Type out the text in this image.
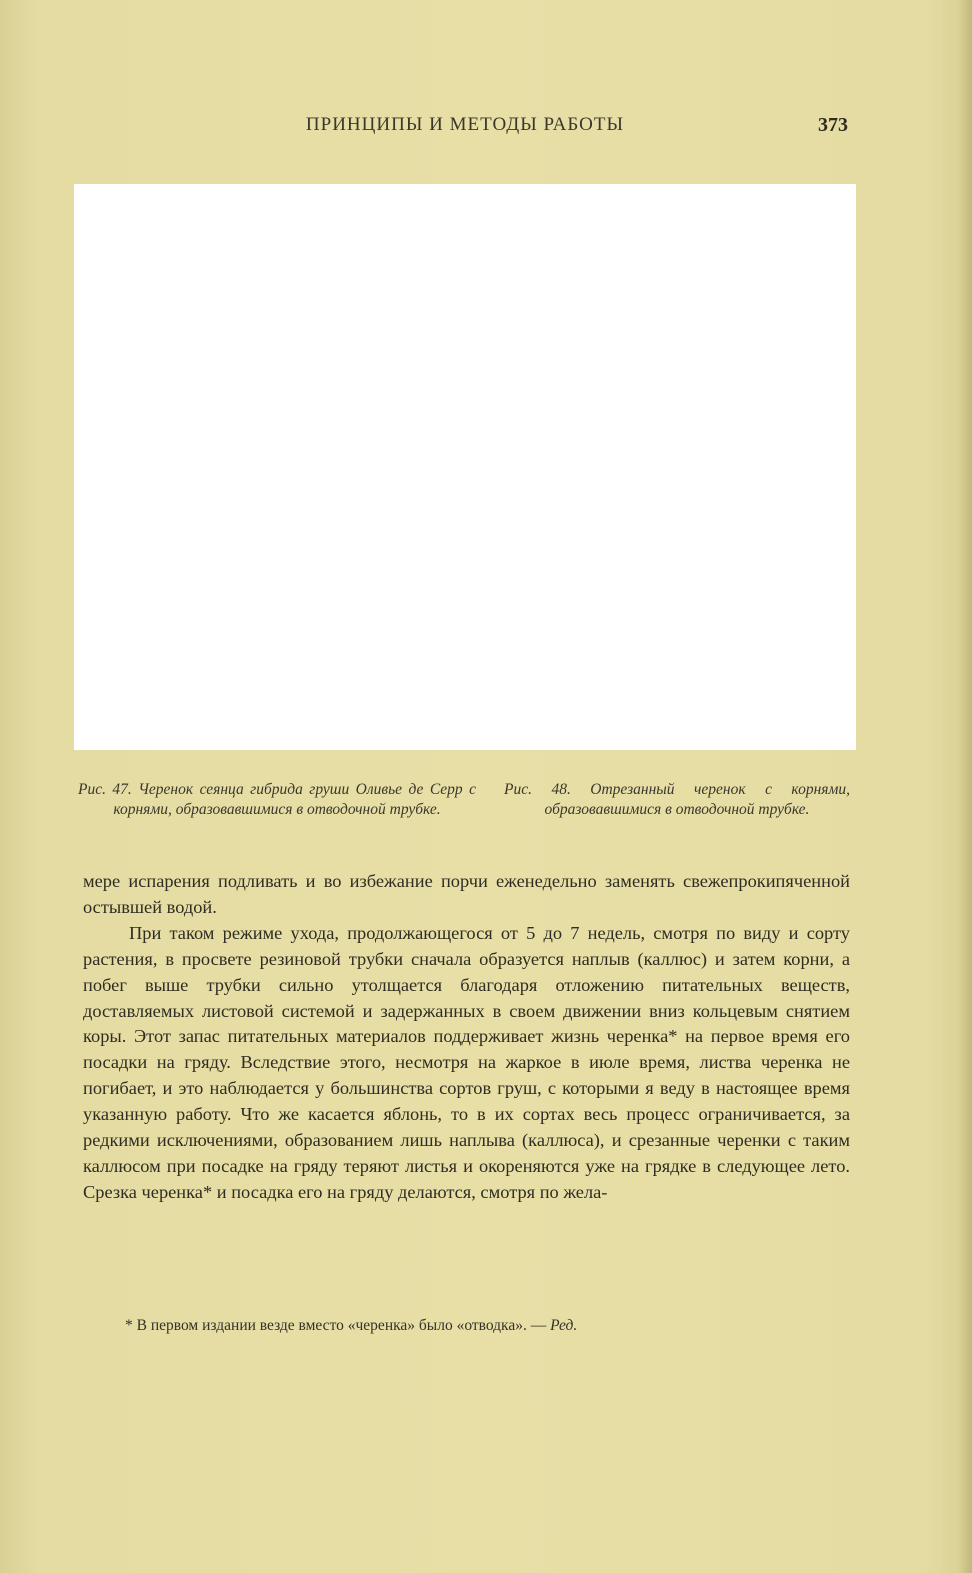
ПРИНЦИПЫ И МЕТОДЫ РАБОТЫ	373
Рис. 47. Черенок сеянца гибрида груши Оливье де Серр с корнями, образовавшимися в отводочной трубке.
Рис. 48. Отрезанный черенок с корнями, образовавшимися в отводочной трубке.

мере испарения подливать и во избежание порчи еженедельно заменять свежепрокипяченной остывшей водой.

При таком режиме ухода, продолжающегося от 5 до 7 недель, смотря по виду и сорту растения, в просвете резиновой трубки сначала образуется наплыв (каллюс) и затем корни, а побег выше трубки сильно утолщается благодаря отложению питательных веществ, доставляемых листовой системой и задержанных в своем движении вниз кольцевым снятием коры. Этот запас питательных материалов поддерживает жизнь черенка* на первое время его посадки на гряду. Вследствие этого, несмотря на жаркое в июле время, листва черенка не погибает, и это наблюдается у большинства сортов груш, с которыми я веду в настоящее время указанную работу. Что же касается яблонь, то в их сортах весь процесс ограничивается, за редкими исключениями, образованием лишь наплыва (каллюса), и срезанные черенки с таким каллюсом при посадке на гряду теряют листья и окореняются уже на грядке в следующее лето. Срезка черенка* и посадка его на гряду делаются, смотря по жела-

* В первом издании везде вместо «черенка» было «отводка». — Ред.
